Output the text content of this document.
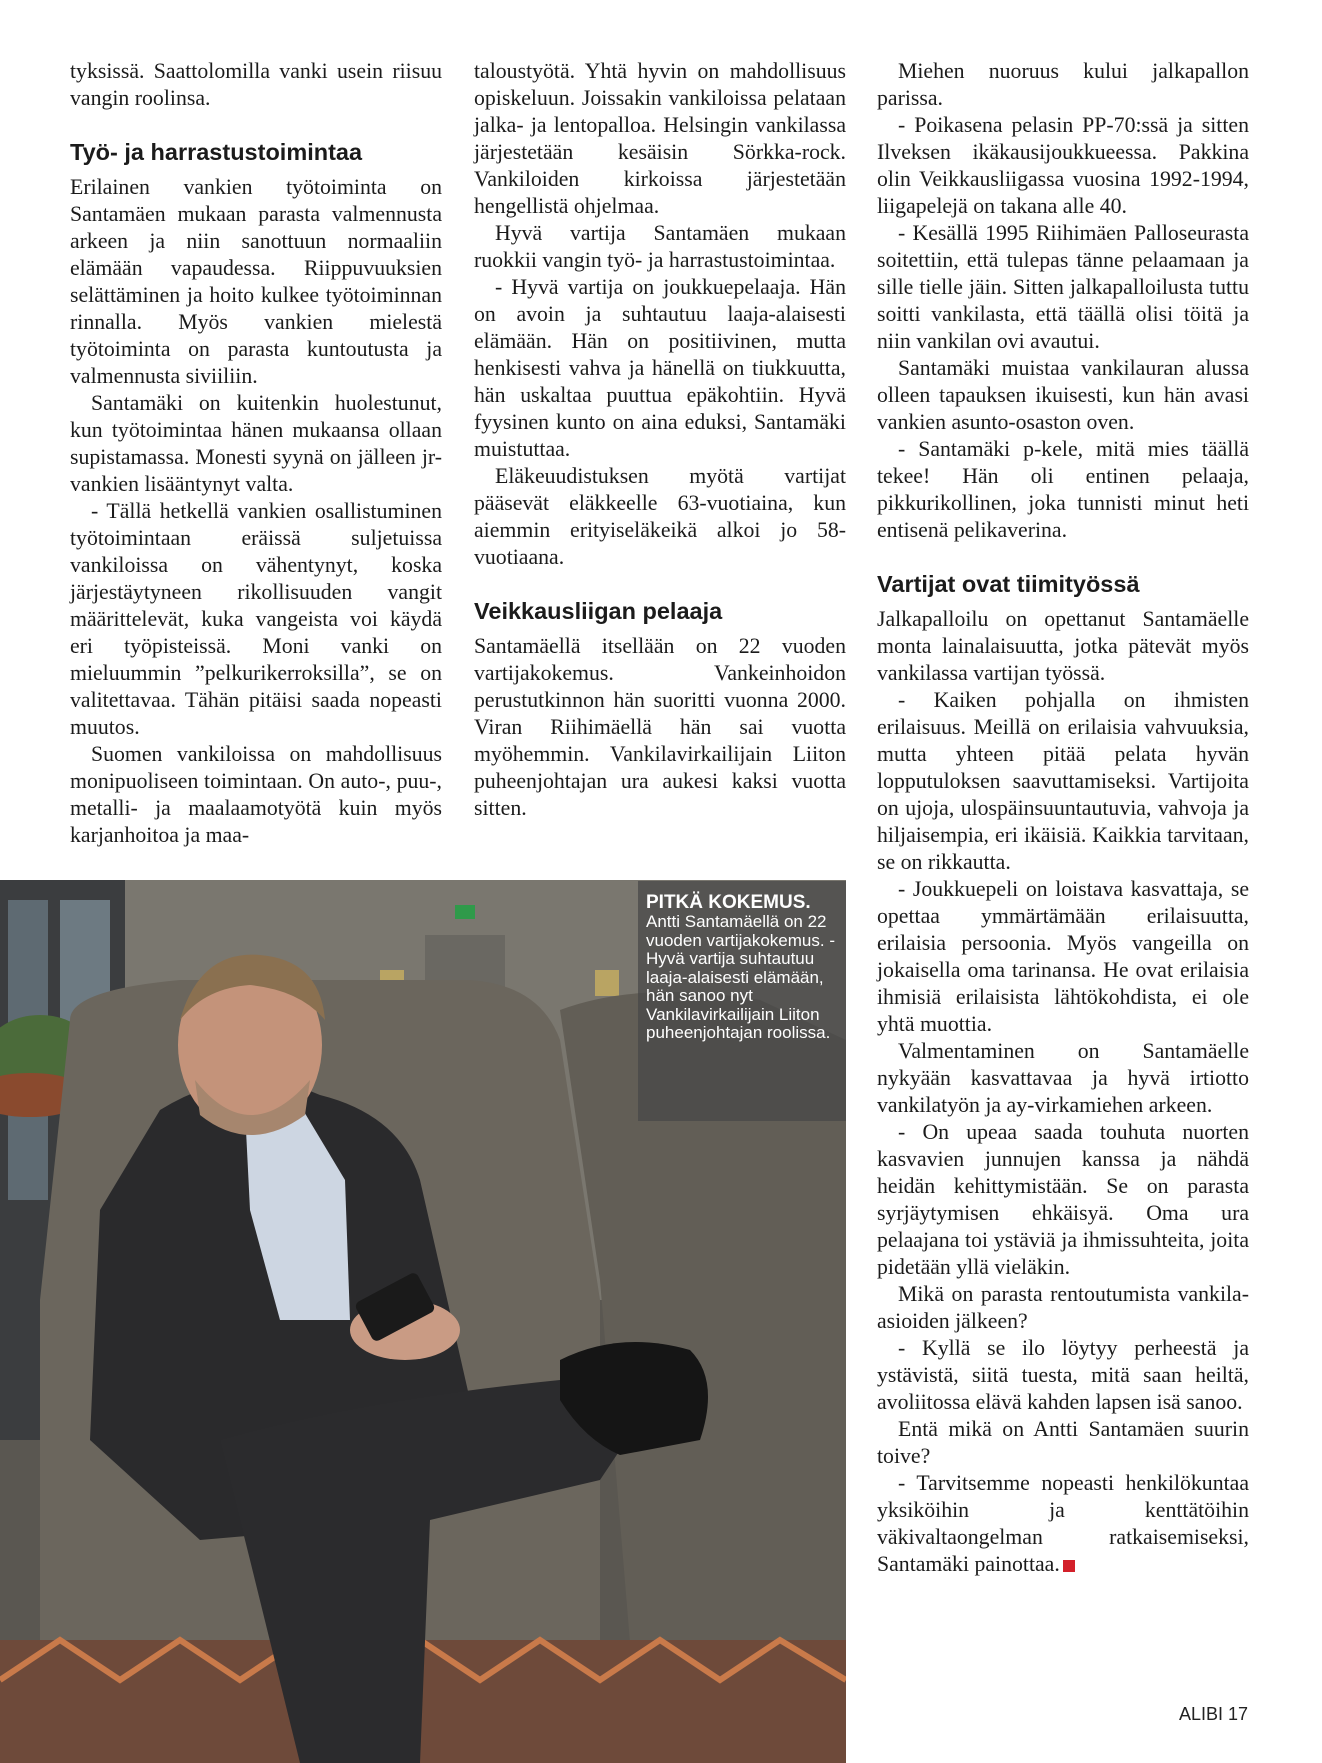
tyksissä. Saattolomilla vanki usein riisuu vangin roolinsa.

Työ- ja harrastustoimintaa

Erilainen vankien työtoiminta on Santamäen mukaan parasta valmennusta arkeen ja niin sanottuun normaaliin elämään vapaudessa. Riippuvuuksien selättäminen ja hoito kulkee työtoiminnan rinnalla. Myös vankien mielestä työtoiminta on parasta kuntoutusta ja valmennusta siviiliin.

Santamäki on kuitenkin huolestunut, kun työtoimintaa hänen mukaansa ollaan supistamassa. Monesti syynä on jälleen jr-vankien lisääntynyt valta.

- Tällä hetkellä vankien osallistuminen työtoimintaan eräissä suljetuissa vankiloissa on vähentynyt, koska järjestäytyneen rikollisuuden vangit määrittelevät, kuka vangeista voi käydä eri työpisteissä. Moni vanki on mieluummin ”pelkurikerroksilla”, se on valitettavaa. Tähän pitäisi saada nopeasti muutos.

Suomen vankiloissa on mahdollisuus monipuoliseen toimintaan. On auto-, puu-, metalli- ja maalaamotyötä kuin myös karjanhoitoa ja maa-

taloustyötä. Yhtä hyvin on mahdollisuus opiskeluun. Joissakin vankiloissa pelataan jalka- ja lentopalloa. Helsingin vankilassa järjestetään kesäisin Sörkka-rock. Vankiloiden kirkoissa järjestetään hengellistä ohjelmaa.

Hyvä vartija Santamäen mukaan ruokkii vangin työ- ja harrastustoimintaa.

- Hyvä vartija on joukkuepelaaja. Hän on avoin ja suhtautuu laaja-alaisesti elämään. Hän on positiivinen, mutta henkisesti vahva ja hänellä on tiukkuutta, hän uskaltaa puuttua epäkohtiin. Hyvä fyysinen kunto on aina eduksi, Santamäki muistuttaa.

Eläkeuudistuksen myötä vartijat pääsevät eläkkeelle 63-vuotiaina, kun aiemmin erityiseläkeikä alkoi jo 58-vuotiaana.

Veikkausliigan pelaaja

Santamäellä itsellään on 22 vuoden vartijakokemus. Vankeinhoidon perustutkinnon hän suoritti vuonna 2000. Viran Riihimäellä hän sai vuotta myöhemmin. Vankilavirkailijain Liiton puheenjohtajan ura aukesi kaksi vuotta sitten.

Miehen nuoruus kului jalkapallon parissa.

- Poikasena pelasin PP-70:ssä ja sitten Ilveksen ikäkausijoukkueessa. Pakkina olin Veikkausliigassa vuosina 1992-1994, liigapelejä on takana alle 40.

- Kesällä 1995 Riihimäen Palloseurasta soitettiin, että tulepas tänne pelaamaan ja sille tielle jäin. Sitten jalkapalloilusta tuttu soitti vankilasta, että täällä olisi töitä ja niin vankilan ovi avautui.

Santamäki muistaa vankilauran alussa olleen tapauksen ikuisesti, kun hän avasi vankien asunto-osaston oven.

- Santamäki p-kele, mitä mies täällä tekee! Hän oli entinen pelaaja, pikkurikollinen, joka tunnisti minut heti entisenä pelikaverina.

Vartijat ovat tiimityössä

Jalkapalloilu on opettanut Santamäelle monta lainalaisuutta, jotka pätevät myös vankilassa vartijan työssä.

- Kaiken pohjalla on ihmisten erilaisuus. Meillä on erilaisia vahvuuksia, mutta yhteen pitää pelata hyvän lopputuloksen saavuttamiseksi. Vartijoita on ujoja, ulospäinsuuntautuvia, vahvoja ja hiljaisempia, eri ikäisiä. Kaikkia tarvitaan, se on rikkautta.

- Joukkuepeli on loistava kasvattaja, se opettaa ymmärtämään erilaisuutta, erilaisia persoonia. Myös vangeilla on jokaisella oma tarinansa. He ovat erilaisia ihmisiä erilaisista lähtökohdista, ei ole yhtä muottia.

Valmentaminen on Santamäelle nykyään kasvattavaa ja hyvä irtiotto vankilatyön ja ay-virkamiehen arkeen.

- On upeaa saada touhuta nuorten kasvavien junnujen kanssa ja nähdä heidän kehittymistään. Se on parasta syrjäytymisen ehkäisyä. Oma ura pelaajana toi ystäviä ja ihmissuhteita, joita pidetään yllä vieläkin.

Mikä on parasta rentoutumista vankila-asioiden jälkeen?

- Kyllä se ilo löytyy perheestä ja ystävistä, siitä tuesta, mitä saan heiltä, avoliitossa elävä kahden lapsen isä sanoo.

Entä mikä on Antti Santamäen suurin toive?

- Tarvitsemme nopeasti henkilökuntaa yksiköihin ja kenttätöihin väkivaltaongelman ratkaisemiseksi, Santamäki painottaa.

PITKÄ KOKEMUS.
Antti Santamäellä on 22 vuoden vartijakokemus. - Hyvä vartija suhtautuu laaja-alaisesti elämään, hän sanoo nyt Vankilavirkailijain Liiton puheenjohtajan roolissa.
ALIBI 17
